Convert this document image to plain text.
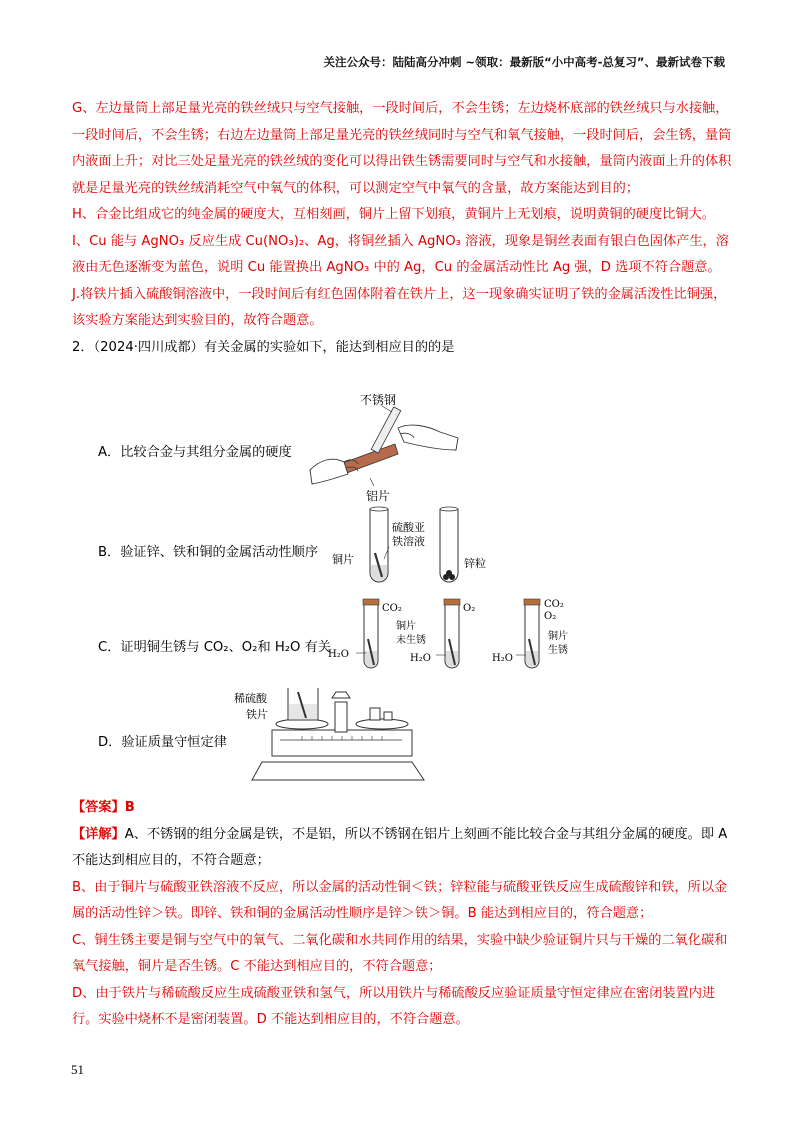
关注公众号：陆陆高分冲刺 ~领取：最新版“小中高考-总复习”、最新试卷下载

G、左边量筒上部足量光亮的铁丝绒只与空气接触，一段时间后，不会生锈；左边烧杯底部的铁丝绒只与水接触，一段时间后，不会生锈；右边左边量筒上部足量光亮的铁丝绒同时与空气和氧气接触，一段时间后，会生锈，量筒内液面上升；对比三处足量光亮的铁丝绒的变化可以得出铁生锈需要同时与空气和水接触，量筒内液面上升的体积就是足量光亮的铁丝绒消耗空气中氧气的体积，可以测定空气中氧气的含量，故方案能达到目的；

H、合金比组成它的纯金属的硬度大，互相刻画，铜片上留下划痕，黄铜片上无划痕，说明黄铜的硬度比铜大。

I、Cu 能与 AgNO₃ 反应生成 Cu(NO₃)₂、Ag，将铜丝插入 AgNO₃ 溶液，现象是铜丝表面有银白色固体产生，溶液由无色逐渐变为蓝色，说明 Cu 能置换出 AgNO₃ 中的 Ag，Cu 的金属活动性比 Ag 强，D 选项不符合题意。

J.将铁片插入硫酸铜溶液中，一段时间后有红色固体附着在铁片上，这一现象确实证明了铁的金属活泼性比铜强，该实验方案能达到实验目的，故符合题意。

2．（2024·四川成都）有关金属的实验如下，能达到相应目的的是

A．比较合金与其组分金属的硬度
不锈钢
铝片
B．验证锌、铁和铜的金属活动性顺序
硫酸亚
铁溶液
铜片	锌粒
C．证明铜生锈与 CO₂、O₂和 H₂O 有关
CO₂
H₂O
O₂
铜片
未生锈
H₂O
CO₂
O₂
铜片
生锈
H₂O
D．验证质量守恒定律
稀硫酸
铁片

【答案】B

【详解】A、不锈钢的组分金属是铁，不是铝，所以不锈钢在铝片上刻画不能比较合金与其组分金属的硬度。即 A 不能达到相应目的，不符合题意；

B、由于铜片与硫酸亚铁溶液不反应，所以金属的活动性铜＜铁；锌粒能与硫酸亚铁反应生成硫酸锌和铁，所以金属的活动性锌＞铁。即锌、铁和铜的金属活动性顺序是锌＞铁＞铜。B 能达到相应目的，符合题意；

C、铜生锈主要是铜与空气中的氧气、二氧化碳和水共同作用的结果，实验中缺少验证铜片只与干燥的二氧化碳和氧气接触，铜片是否生锈。C 不能达到相应目的，不符合题意；

D、由于铁片与稀硫酸反应生成硫酸亚铁和氢气，所以用铁片与稀硫酸反应验证质量守恒定律应在密闭装置内进行。实验中烧杯不是密闭装置。D 不能达到相应目的，不符合题意。

51
